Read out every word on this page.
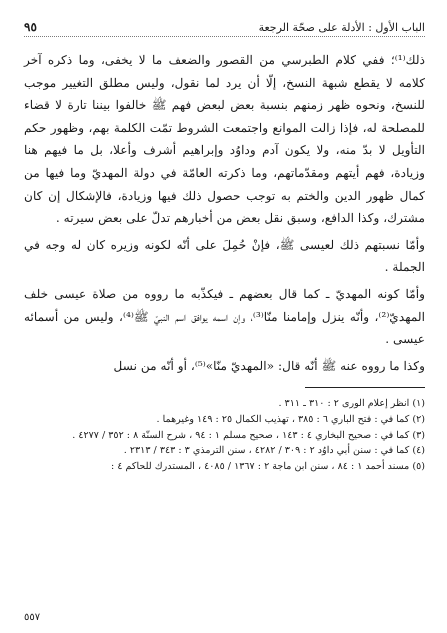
الباب الأول : الأدلة على صحّة الرجعة
٩٥

ذلك⁽¹⁾؛ ففي كلام الطبرسي من القصور والضعف ما لا يخفى، وما ذكره آخر كلامه لا يقطع شبهة النسخ، إلّا أن يرد لما نقول، وليس مطلق التغيير موجب للنسخ، ونحوه ظهر زمنهم بنسبة بعض لبعض فهم ﷺ خالفوا بيننا تارة لا قضاء للمصلحة له، فإذا زالت الموانع واجتمعت الشروط تمّت الكلمة بهم، وظهور حكم التأويل لا بدّ منه، ولا يكون آدم وداوُد وإبراهيم أشرف وأعلا، بل ما فيهم هنا وزيادة، فهم أيتهم ومقدّماتهم، وما ذكرته العامّة في دولة المهديّ وما فيها من كمال ظهور الدين والختم به توجب حصول ذلك فيها وزيادة، فالإشكال إن كان مشترك، وكذا الدافع، وسبق نقل بعض من أخبارهم تدلّ على بعض سيرته .

وأمّا نسبتهم ذلك لعيسى ﷺ، فإنْ حُمِلَ على أنّه لكونه وزيره كان له وجه في الجملة .

وأمّا كونه المهديّ ـ كما قال بعضهم ـ فيكذّبه ما رووه من صلاة عيسى خلف المهديّ⁽²⁾، وأنّه ينزل وإمامنا منّا⁽³⁾، وإن اسمه يوافق اسم النبيّ ﷺ⁽⁴⁾، وليس من أسمائه عيسى .

وكذا ما رووه عنه ﷺ أنّه قال: «المهديّ منّا»⁽⁵⁾، أو أنّه من نسل

(١) انظر إعلام الورى ٢ : ٣١٠ ـ ٣١١ .

(٢) كما في : فتح الباري ٦ : ٣٨٥ ، تهذيب الكمال ٢٥ : ١٤٩ وغيرهما .

(٣) كما في : صحيح البخاري ٤ : ١٤٣ ، صحيح مسلم ١ : ٩٤ ، شرح السنّة ٨ : ٣٥٢ / ٤٢٧٧ .

(٤) كما في : سنن أبي داوُد ٢ : ٣٠٩ / ٤٢٨٢ ، سنن الترمذي ٣ : ٣٤٣ / ٢٣١٣ .

(٥) مسند أحمد ١ : ٨٤ ، سنن ابن ماجة ٢ : ١٣٦٧ / ٤٠٨٥ ، المستدرك للحاكم ٤ :

٥٥٧
